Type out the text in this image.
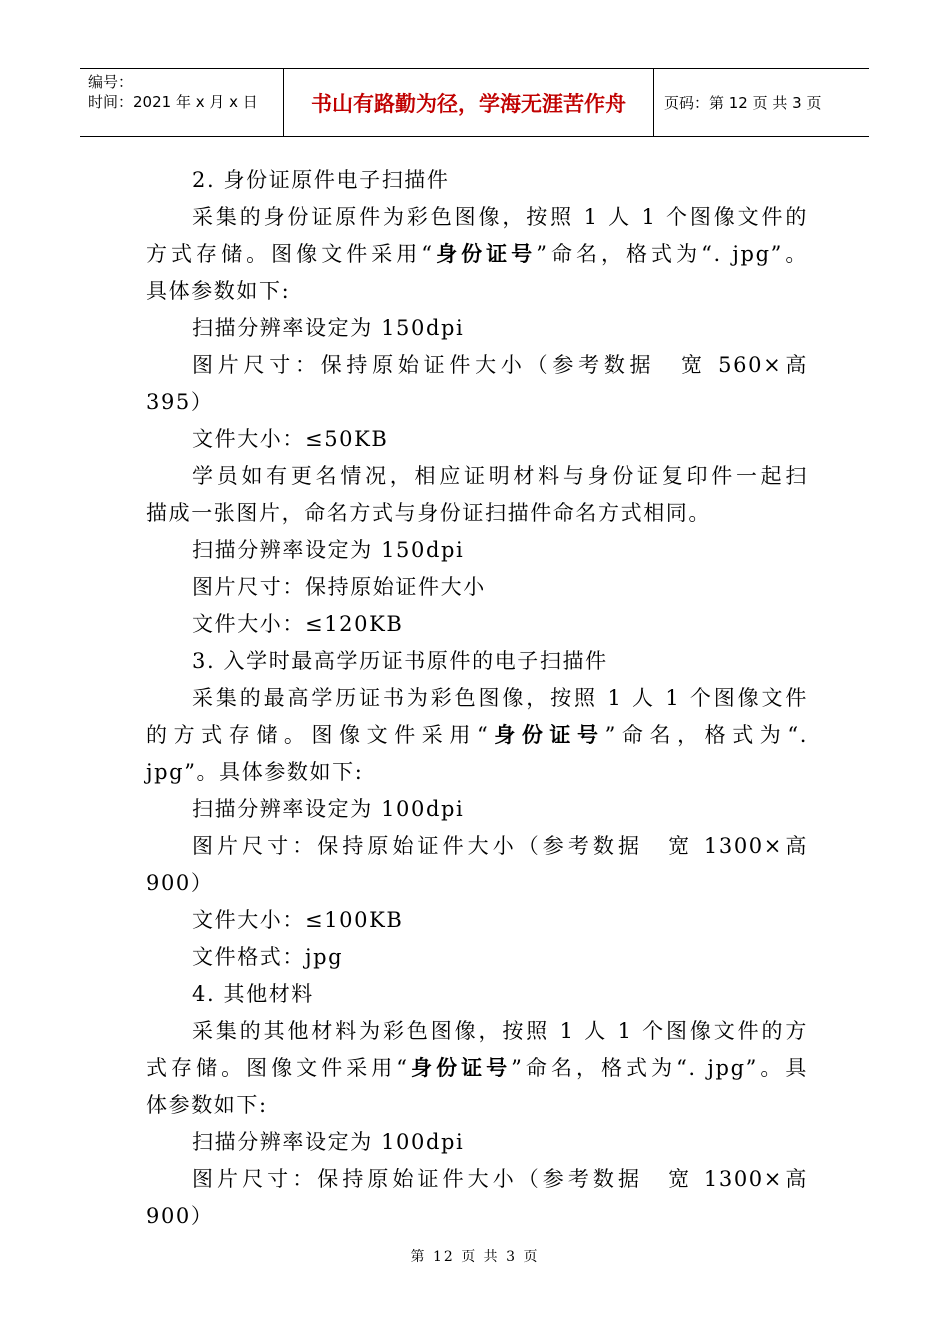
编号：
时间：2021 年 x 月 x 日	书山有路勤为径，学海无涯苦作舟	页码：第 12 页 共 3 页

2. 身份证原件电子扫描件

采集的身份证原件为彩色图像，按照 1 人 1 个图像文件的

方式存储。图像文件采用“身份证号”命名，格式为“. jpg”。

具体参数如下:

扫描分辨率设定为 150dpi

图片尺寸：保持原始证件大小（参考数据　宽 560×高

395）

文件大小：≤50KB

学员如有更名情况，相应证明材料与身份证复印件一起扫

描成一张图片，命名方式与身份证扫描件命名方式相同。

扫描分辨率设定为 150dpi

图片尺寸：保持原始证件大小

文件大小：≤120KB

3. 入学时最高学历证书原件的电子扫描件

采集的最高学历证书为彩色图像，按照 1 人 1 个图像文件

的方式存储。图像文件采用“身份证号”命名，格式为“.

jpg”。具体参数如下:

扫描分辨率设定为 100dpi

图片尺寸：保持原始证件大小（参考数据　宽 1300×高

900）

文件大小：≤100KB

文件格式：jpg

4. 其他材料

采集的其他材料为彩色图像，按照 1 人 1 个图像文件的方

式存储。图像文件采用“身份证号”命名，格式为“. jpg”。具

体参数如下:

扫描分辨率设定为 100dpi

图片尺寸：保持原始证件大小（参考数据　宽 1300×高

900）

第 12 页 共 3 页
